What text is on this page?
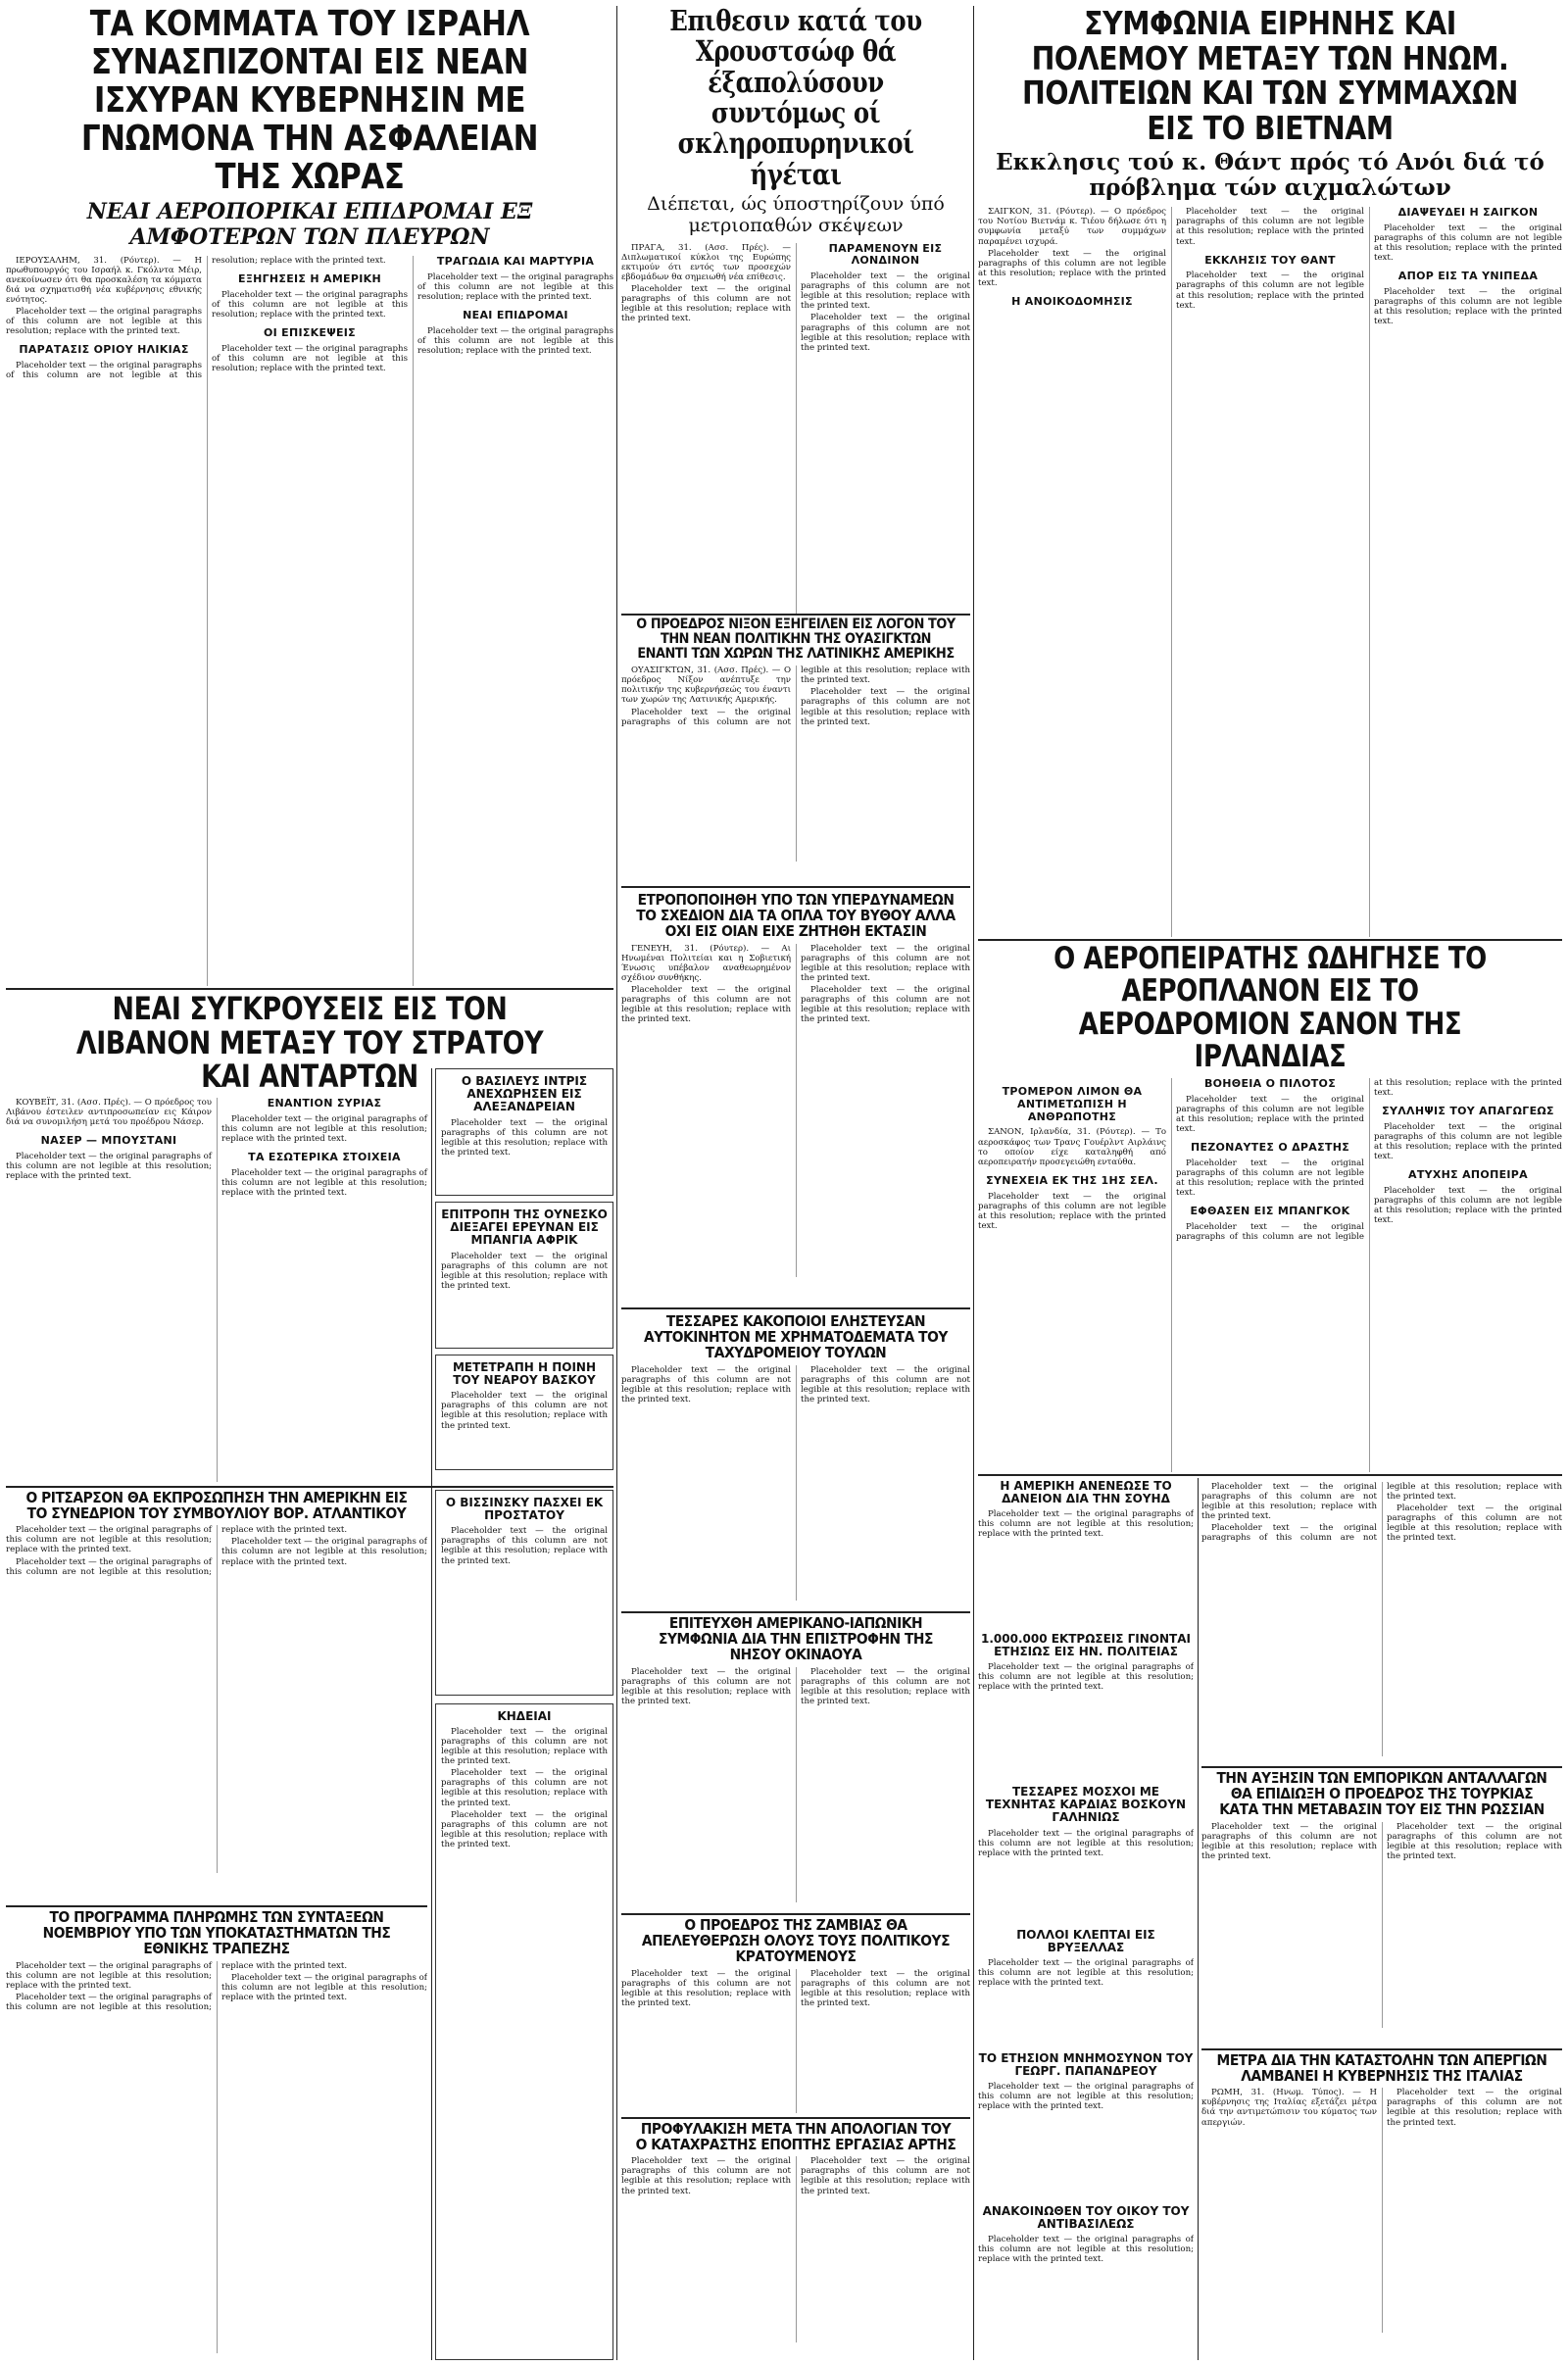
ΤΑ ΚΟΜΜΑΤΑ ΤΟΥ ΙΣΡΑΗΛ ΣΥΝΑΣΠΙΖΟΝΤΑΙ ΕΙΣ ΝΕΑΝ ΙΣΧΥΡΑΝ ΚΥΒΕΡΝΗΣΙΝ ΜΕ ΓΝΩΜΟΝΑ ΤΗΝ ΑΣΦΑΛΕΙΑΝ ΤΗΣ ΧΩΡΑΣ
ΝΕΑΙ ΑΕΡΟΠΟΡΙΚΑΙ ΕΠΙΔΡΟΜΑΙ ΕΞ ΑΜΦΟΤΕΡΩΝ ΤΩΝ ΠΛΕΥΡΩΝ

ΙΕΡΟΥΣΑΛΗΜ, 31. (Ρόυτερ). — Η πρωθυπουργός του Ισραήλ κ. Γκόλντα Μέιρ, ανεκοίνωσεν ότι θα προσκαλέση τα κόμματα διά να σχηματισθή νέα κυβέρνησις εθνικής ενότητος.

Placeholder text — the original paragraphs of this column are not legible at this resolution; replace with the printed text.

ΠΑΡΑΤΑΣΙΣ ΟΡΙΟΥ ΗΛΙΚΙΑΣ

Placeholder text — the original paragraphs of this column are not legible at this resolution; replace with the printed text.

ΕΞΗΓΗΣΕΙΣ Η ΑΜΕΡΙΚΗ

Placeholder text — the original paragraphs of this column are not legible at this resolution; replace with the printed text.

ΟΙ ΕΠΙΣΚΕΨΕΙΣ

Placeholder text — the original paragraphs of this column are not legible at this resolution; replace with the printed text.

ΤΡΑΓΩΔΙΑ ΚΑΙ ΜΑΡΤΥΡΙΑ

Placeholder text — the original paragraphs of this column are not legible at this resolution; replace with the printed text.

ΝΕΑΙ ΕΠΙΔΡΟΜΑΙ

Placeholder text — the original paragraphs of this column are not legible at this resolution; replace with the printed text.

Επιθεσιν κατά του Χρουστσώφ θά έξαπολύσουν συντόμως οί σκληροπυρηνικοί ήγέται
Διέπεται, ώς ύποστηρίζουν ύπό μετριοπαθών σκέψεων

ΠΡΑΓΑ, 31. (Ασσ. Πρές). — Διπλωματικοί κύκλοι της Ευρώπης εκτιμούν ότι εντός των προσεχών εβδομάδων θα σημειωθή νέα επίθεσις.

Placeholder text — the original paragraphs of this column are not legible at this resolution; replace with the printed text.

ΠΑΡΑΜΕΝΟΥΝ ΕΙΣ ΛΟΝΔΙΝΟΝ

Placeholder text — the original paragraphs of this column are not legible at this resolution; replace with the printed text.

Placeholder text — the original paragraphs of this column are not legible at this resolution; replace with the printed text.

ΣΥΜΦΩΝΙΑ ΕΙΡΗΝΗΣ ΚΑΙ ΠΟΛΕΜΟΥ ΜΕΤΑΞΥ ΤΩΝ ΗΝΩΜ. ΠΟΛΙΤΕΙΩΝ ΚΑΙ ΤΩΝ ΣΥΜΜΑΧΩΝ ΕΙΣ ΤΟ ΒΙΕΤΝΑΜ
Εκκλησις τού κ. Θάντ πρός τό Ανόι διά τό πρόβλημα τών αιχμαλώτων

ΣΑΙΓΚΟΝ, 31. (Ρόυτερ). — Ο πρόεδρος του Νοτίου Βιετνάμ κ. Τιέου δήλωσε ότι η συμφωνία μεταξύ των συμμάχων παραμένει ισχυρά.

Placeholder text — the original paragraphs of this column are not legible at this resolution; replace with the printed text.

Η ΑΝΟΙΚΟΔΟΜΗΣΙΣ

Placeholder text — the original paragraphs of this column are not legible at this resolution; replace with the printed text.

ΕΚΚΛΗΣΙΣ ΤΟΥ ΘΑΝΤ

Placeholder text — the original paragraphs of this column are not legible at this resolution; replace with the printed text.

ΔΙΑΨΕΥΔΕΙ Η ΣΑΙΓΚΟΝ

Placeholder text — the original paragraphs of this column are not legible at this resolution; replace with the printed text.

ΑΠΟΡ ΕΙΣ ΤΑ ΥΝΙΠΕΔΑ

Placeholder text — the original paragraphs of this column are not legible at this resolution; replace with the printed text.

Ο ΠΡΟΕΔΡΟΣ ΝΙΞΟΝ ΕΞΗΓΕΙΛΕΝ ΕΙΣ ΛΟΓΟΝ ΤΟΥ ΤΗΝ ΝΕΑΝ ΠΟΛΙΤΙΚΗΝ ΤΗΣ ΟΥΑΣΙΓΚΤΩΝ ΕΝΑΝΤΙ ΤΩΝ ΧΩΡΩΝ ΤΗΣ ΛΑΤΙΝΙΚΗΣ ΑΜΕΡΙΚΗΣ

ΟΥΑΣΙΓΚΤΩΝ, 31. (Ασσ. Πρές). — Ο πρόεδρος Νίξον ανέπτυξε την πολιτικήν της κυβερνήσεώς του έναντι των χωρών της Λατινικής Αμερικής.

Placeholder text — the original paragraphs of this column are not legible at this resolution; replace with the printed text.

Placeholder text — the original paragraphs of this column are not legible at this resolution; replace with the printed text.

ΕΤΡΟΠΟΠΟΙΗΘΗ ΥΠΟ ΤΩΝ ΥΠΕΡΔΥΝΑΜΕΩΝ ΤΟ ΣΧΕΔΙΟΝ ΔΙΑ ΤΑ ΟΠΛΑ ΤΟΥ ΒΥΘΟΥ ΑΛΛΑ ΟΧΙ ΕΙΣ ΟΙΑΝ ΕΙΧΕ ΖΗΤΗΘΗ ΕΚΤΑΣΙΝ

ΓΕΝΕΥΗ, 31. (Ρόυτερ). — Αι Ηνωμέναι Πολιτείαι και η Σοβιετική Ένωσις υπέβαλον αναθεωρημένον σχέδιον συνθήκης.

Placeholder text — the original paragraphs of this column are not legible at this resolution; replace with the printed text.

Placeholder text — the original paragraphs of this column are not legible at this resolution; replace with the printed text.

Placeholder text — the original paragraphs of this column are not legible at this resolution; replace with the printed text.

Ο ΑΕΡΟΠΕΙΡΑΤΗΣ ΩΔΗΓΗΣΕ ΤΟ ΑΕΡΟΠΛΑΝΟΝ ΕΙΣ ΤΟ ΑΕΡΟΔΡΟΜΙΟΝ ΣΑΝΟΝ ΤΗΣ ΙΡΛΑΝΔΙΑΣ
ΤΡΟΜΕΡΟΝ ΛΙΜΟΝ ΘΑ ΑΝΤΙΜΕΤΩΠΙΣΗ Η ΑΝΘΡΩΠΟΤΗΣ

ΣΑΝΟΝ, Ιρλανδία, 31. (Ρόυτερ). — Το αεροσκάφος των Τρανς Γουέρλντ Αιρλάινς το οποίον είχε καταληφθή από αεροπειρατήν προσεγειώθη ενταύθα.

ΣΥΝΕΧΕΙΑ ΕΚ ΤΗΣ 1ΗΣ ΣΕΛ.

Placeholder text — the original paragraphs of this column are not legible at this resolution; replace with the printed text.

ΒΟΗΘΕΙΑ Ο ΠΙΛΟΤΟΣ

Placeholder text — the original paragraphs of this column are not legible at this resolution; replace with the printed text.

ΠΕΖΟΝΑΥΤΕΣ Ο ΔΡΑΣΤΗΣ

Placeholder text — the original paragraphs of this column are not legible at this resolution; replace with the printed text.

ΕΦΘΑΣΕΝ ΕΙΣ ΜΠΑΝΓΚΟΚ

Placeholder text — the original paragraphs of this column are not legible at this resolution; replace with the printed text.

ΣΥΛΛΗΨΙΣ ΤΟΥ ΑΠΑΓΩΓΕΩΣ

Placeholder text — the original paragraphs of this column are not legible at this resolution; replace with the printed text.

ΑΤΥΧΗΣ ΑΠΟΠΕΙΡΑ

Placeholder text — the original paragraphs of this column are not legible at this resolution; replace with the printed text.

ΝΕΑΙ ΣΥΓΚΡΟΥΣΕΙΣ ΕΙΣ ΤΟΝ ΛΙΒΑΝΟΝ ΜΕΤΑΞΥ ΤΟΥ ΣΤΡΑΤΟΥ ΚΑΙ ΑΝΤΑΡΤΩΝ

ΚΟΥΒΕΪΤ, 31. (Ασσ. Πρές). — Ο πρόεδρος του Λιβάνου έστειλεν αντιπροσωπείαν εις Κάιρον διά να συνομιλήση μετά του προέδρου Νάσερ.

ΝΑΣΕΡ — ΜΠΟΥΣΤΑΝΙ

Placeholder text — the original paragraphs of this column are not legible at this resolution; replace with the printed text.

ΕΝΑΝΤΙΟΝ ΣΥΡΙΑΣ

Placeholder text — the original paragraphs of this column are not legible at this resolution; replace with the printed text.

ΤΑ ΕΣΩΤΕΡΙΚΑ ΣΤΟΙΧΕΙΑ

Placeholder text — the original paragraphs of this column are not legible at this resolution; replace with the printed text.

Ο ΒΑΣΙΛΕΥΣ ΙΝΤΡΙΣ ΑΝΕΧΩΡΗΣΕΝ ΕΙΣ ΑΛΕΞΑΝΔΡΕΙΑΝ

Placeholder text — the original paragraphs of this column are not legible at this resolution; replace with the printed text.

ΕΠΙΤΡΟΠΗ ΤΗΣ ΟΥΝΕΣΚΟ ΔΙΕΞΑΓΕΙ ΕΡΕΥΝΑΝ ΕΙΣ ΜΠΑΝΓΙΑ ΑΦΡΙΚ

Placeholder text — the original paragraphs of this column are not legible at this resolution; replace with the printed text.

ΜΕΤΕΤΡΑΠΗ Η ΠΟΙΝΗ ΤΟΥ ΝΕΑΡΟΥ ΒΑΣΚΟΥ

Placeholder text — the original paragraphs of this column are not legible at this resolution; replace with the printed text.

ΤΕΣΣΑΡΕΣ ΚΑΚΟΠΟΙΟΙ ΕΛΗΣΤΕΥΣΑΝ ΑΥΤΟΚΙΝΗΤΟΝ ΜΕ ΧΡΗΜΑΤΟΔΕΜΑΤΑ ΤΟΥ ΤΑΧΥΔΡΟΜΕΙΟΥ ΤΟΥΛΩΝ

Placeholder text — the original paragraphs of this column are not legible at this resolution; replace with the printed text.

Placeholder text — the original paragraphs of this column are not legible at this resolution; replace with the printed text.

Η ΑΜΕΡΙΚΗ ΑΝΕΝΕΩΣΕ ΤΟ ΔΑΝΕΙΟΝ ΔΙΑ ΤΗΝ ΣΟΥΗΔ

Placeholder text — the original paragraphs of this column are not legible at this resolution; replace with the printed text.

1.000.000 ΕΚΤΡΩΣΕΙΣ ΓΙΝΟΝΤΑΙ ΕΤΗΣΙΩΣ ΕΙΣ ΗΝ. ΠΟΛΙΤΕΙΑΣ

Placeholder text — the original paragraphs of this column are not legible at this resolution; replace with the printed text.

ΤΕΣΣΑΡΕΣ ΜΟΣΧΟΙ ΜΕ ΤΕΧΝΗΤΑΣ ΚΑΡΔΙΑΣ ΒΟΣΚΟΥΝ ΓΑΛΗΝΙΩΣ

Placeholder text — the original paragraphs of this column are not legible at this resolution; replace with the printed text.

ΠΟΛΛΟΙ ΚΛΕΠΤΑΙ ΕΙΣ ΒΡΥΞΕΛΛΑΣ

Placeholder text — the original paragraphs of this column are not legible at this resolution; replace with the printed text.

ΤΟ ΕΤΗΣΙΟΝ ΜΝΗΜΟΣΥΝΟΝ ΤΟΥ ΓΕΩΡΓ. ΠΑΠΑΝΔΡΕΟΥ

Placeholder text — the original paragraphs of this column are not legible at this resolution; replace with the printed text.

ΑΝΑΚΟΙΝΩΘΕΝ ΤΟΥ ΟΙΚΟΥ ΤΟΥ ΑΝΤΙΒΑΣΙΛΕΩΣ

Placeholder text — the original paragraphs of this column are not legible at this resolution; replace with the printed text.

Placeholder text — the original paragraphs of this column are not legible at this resolution; replace with the printed text.

Placeholder text — the original paragraphs of this column are not legible at this resolution; replace with the printed text.

Placeholder text — the original paragraphs of this column are not legible at this resolution; replace with the printed text.

ΤΗΝ ΑΥΞΗΣΙΝ ΤΩΝ ΕΜΠΟΡΙΚΩΝ ΑΝΤΑΛΛΑΓΩΝ ΘΑ ΕΠΙΔΙΩΞΗ Ο ΠΡΟΕΔΡΟΣ ΤΗΣ ΤΟΥΡΚΙΑΣ ΚΑΤΑ ΤΗΝ ΜΕΤΑΒΑΣΙΝ ΤΟΥ ΕΙΣ ΤΗΝ ΡΩΣΣΙΑΝ

Placeholder text — the original paragraphs of this column are not legible at this resolution; replace with the printed text.

Placeholder text — the original paragraphs of this column are not legible at this resolution; replace with the printed text.

ΜΕΤΡΑ ΔΙΑ ΤΗΝ ΚΑΤΑΣΤΟΛΗΝ ΤΩΝ ΑΠΕΡΓΙΩΝ ΛΑΜΒΑΝΕΙ Η ΚΥΒΕΡΝΗΣΙΣ ΤΗΣ ΙΤΑΛΙΑΣ

ΡΩΜΗ, 31. (Ηνωμ. Τύπος). — Η κυβέρνησις της Ιταλίας εξετάζει μέτρα διά την αντιμετώπισιν του κύματος των απεργιών.

Placeholder text — the original paragraphs of this column are not legible at this resolution; replace with the printed text.

Ο ΡΙΤΣΑΡΣΟΝ ΘΑ ΕΚΠΡΟΣΩΠΗΣΗ ΤΗΝ ΑΜΕΡΙΚΗΝ ΕΙΣ ΤΟ ΣΥΝΕΔΡΙΟΝ ΤΟΥ ΣΥΜΒΟΥΛΙΟΥ ΒΟΡ. ΑΤΛΑΝΤΙΚΟΥ

Placeholder text — the original paragraphs of this column are not legible at this resolution; replace with the printed text.

Placeholder text — the original paragraphs of this column are not legible at this resolution; replace with the printed text.

Placeholder text — the original paragraphs of this column are not legible at this resolution; replace with the printed text.

Ο ΒΙΣΣΙΝΣΚΥ ΠΑΣΧΕΙ ΕΚ ΠΡΟΣΤΑΤΟΥ

Placeholder text — the original paragraphs of this column are not legible at this resolution; replace with the printed text.

ΚΗΔΕΙΑΙ

Placeholder text — the original paragraphs of this column are not legible at this resolution; replace with the printed text.

Placeholder text — the original paragraphs of this column are not legible at this resolution; replace with the printed text.

Placeholder text — the original paragraphs of this column are not legible at this resolution; replace with the printed text.

ΤΟ ΠΡΟΓΡΑΜΜΑ ΠΛΗΡΩΜΗΣ ΤΩΝ ΣΥΝΤΑΞΕΩΝ ΝΟΕΜΒΡΙΟΥ ΥΠΟ ΤΩΝ ΥΠΟΚΑΤΑΣΤΗΜΑΤΩΝ ΤΗΣ ΕΘΝΙΚΗΣ ΤΡΑΠΕΖΗΣ

Placeholder text — the original paragraphs of this column are not legible at this resolution; replace with the printed text.

Placeholder text — the original paragraphs of this column are not legible at this resolution; replace with the printed text.

Placeholder text — the original paragraphs of this column are not legible at this resolution; replace with the printed text.

ΕΠΙΤΕΥΧΘΗ ΑΜΕΡΙΚΑΝΟ-ΙΑΠΩΝΙΚΗ ΣΥΜΦΩΝΙΑ ΔΙΑ ΤΗΝ ΕΠΙΣΤΡΟΦΗΝ ΤΗΣ ΝΗΣΟΥ ΟΚΙΝΑΟΥΑ

Placeholder text — the original paragraphs of this column are not legible at this resolution; replace with the printed text.

Placeholder text — the original paragraphs of this column are not legible at this resolution; replace with the printed text.

Ο ΠΡΟΕΔΡΟΣ ΤΗΣ ΖΑΜΒΙΑΣ ΘΑ ΑΠΕΛΕΥΘΕΡΩΣΗ ΟΛΟΥΣ ΤΟΥΣ ΠΟΛΙΤΙΚΟΥΣ ΚΡΑΤΟΥΜΕΝΟΥΣ

Placeholder text — the original paragraphs of this column are not legible at this resolution; replace with the printed text.

Placeholder text — the original paragraphs of this column are not legible at this resolution; replace with the printed text.

ΠΡΟΦΥΛΑΚΙΣΗ ΜΕΤΑ ΤΗΝ ΑΠΟΛΟΓΙΑΝ ΤΟΥ Ο ΚΑΤΑΧΡΑΣΤΗΣ ΕΠΟΠΤΗΣ ΕΡΓΑΣΙΑΣ ΑΡΤΗΣ

Placeholder text — the original paragraphs of this column are not legible at this resolution; replace with the printed text.

Placeholder text — the original paragraphs of this column are not legible at this resolution; replace with the printed text.
